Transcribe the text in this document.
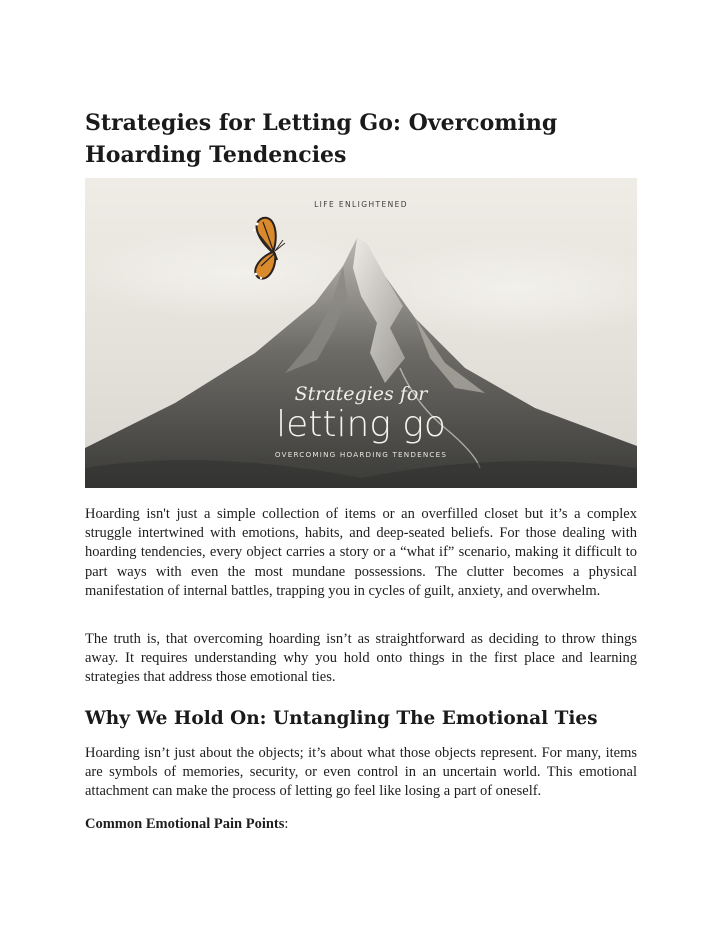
Strategies for Letting Go: Overcoming Hoarding Tendencies
LIFE ENLIGHTENED
Strategies for
letting go
OVERCOMING HOARDING TENDENCES

Hoarding isn't just a simple collection of items or an overfilled closet but it’s a complex struggle intertwined with emotions, habits, and deep-seated beliefs. For those dealing with hoarding tendencies, every object carries a story or a “what if” scenario, making it difficult to part ways with even the most mundane possessions. The clutter becomes a physical manifestation of internal battles, trapping you in cycles of guilt, anxiety, and overwhelm.

The truth is, that overcoming hoarding isn’t as straightforward as deciding to throw things away. It requires understanding why you hold onto things in the first place and learning strategies that address those emotional ties.

Why We Hold On: Untangling The Emotional Ties

Hoarding isn’t just about the objects; it’s about what those objects represent. For many, items are symbols of memories, security, or even control in an uncertain world. This emotional attachment can make the process of letting go feel like losing a part of oneself.

Common Emotional Pain Points:
